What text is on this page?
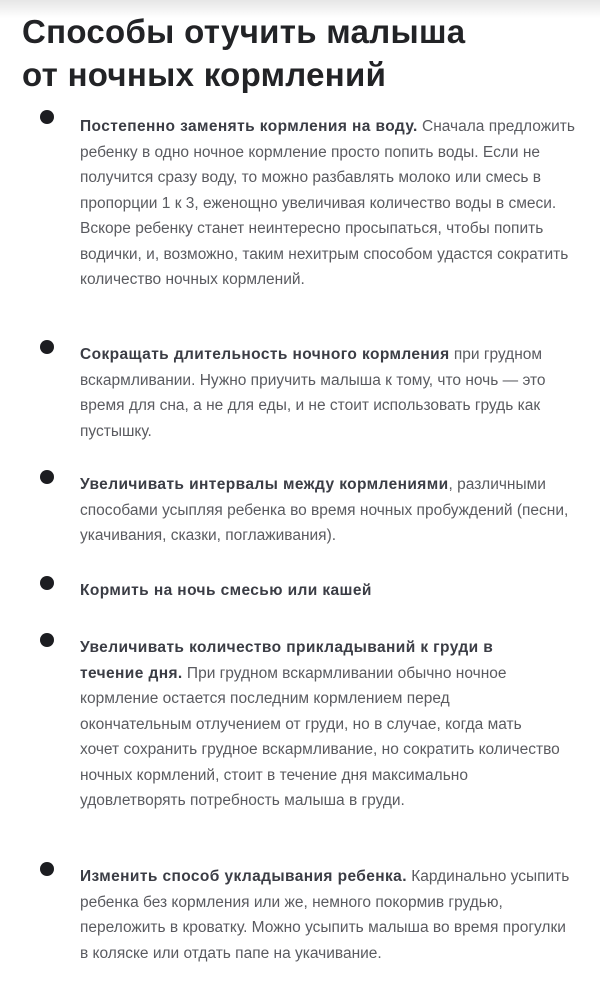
Способы отучить малыша
от ночных кормлений
Постепенно заменять кормления на воду. Сначала предложить ребенку в одно ночное кормление просто попить воды. Если не получится сразу воду, то можно разбавлять молоко или смесь в пропорции 1 к 3, еженощно увеличивая количество воды в смеси. Вскоре ребенку станет неинтересно просыпаться, чтобы попить водички, и, возможно, таким нехитрым способом удастся сократить количество ночных кормлений.
Сокращать длительность ночного кормления при грудном вскармливании. Нужно приучить малыша к тому, что ночь — это время для сна, а не для еды, и не стоит использовать грудь как пустышку.
Увеличивать интервалы между кормлениями, различными способами усыпляя ребенка во время ночных пробуждений (песни, укачивания, сказки, поглаживания).
Кормить на ночь смесью или кашей
Увеличивать количество прикладываний к груди в течение дня. При грудном вскармливании обычно ночное кормление остается последним кормлением перед окончательным отлучением от груди, но в случае, когда мать хочет сохранить грудное вскармливание, но сократить количество ночных кормлений, стоит в течение дня максимально удовлетворять потребность малыша в груди.
Изменить способ укладывания ребенка. Кардинально усыпить ребенка без кормления или же, немного покормив грудью, переложить в кроватку. Можно усыпить малыша во время прогулки в коляске или отдать папе на укачивание.
